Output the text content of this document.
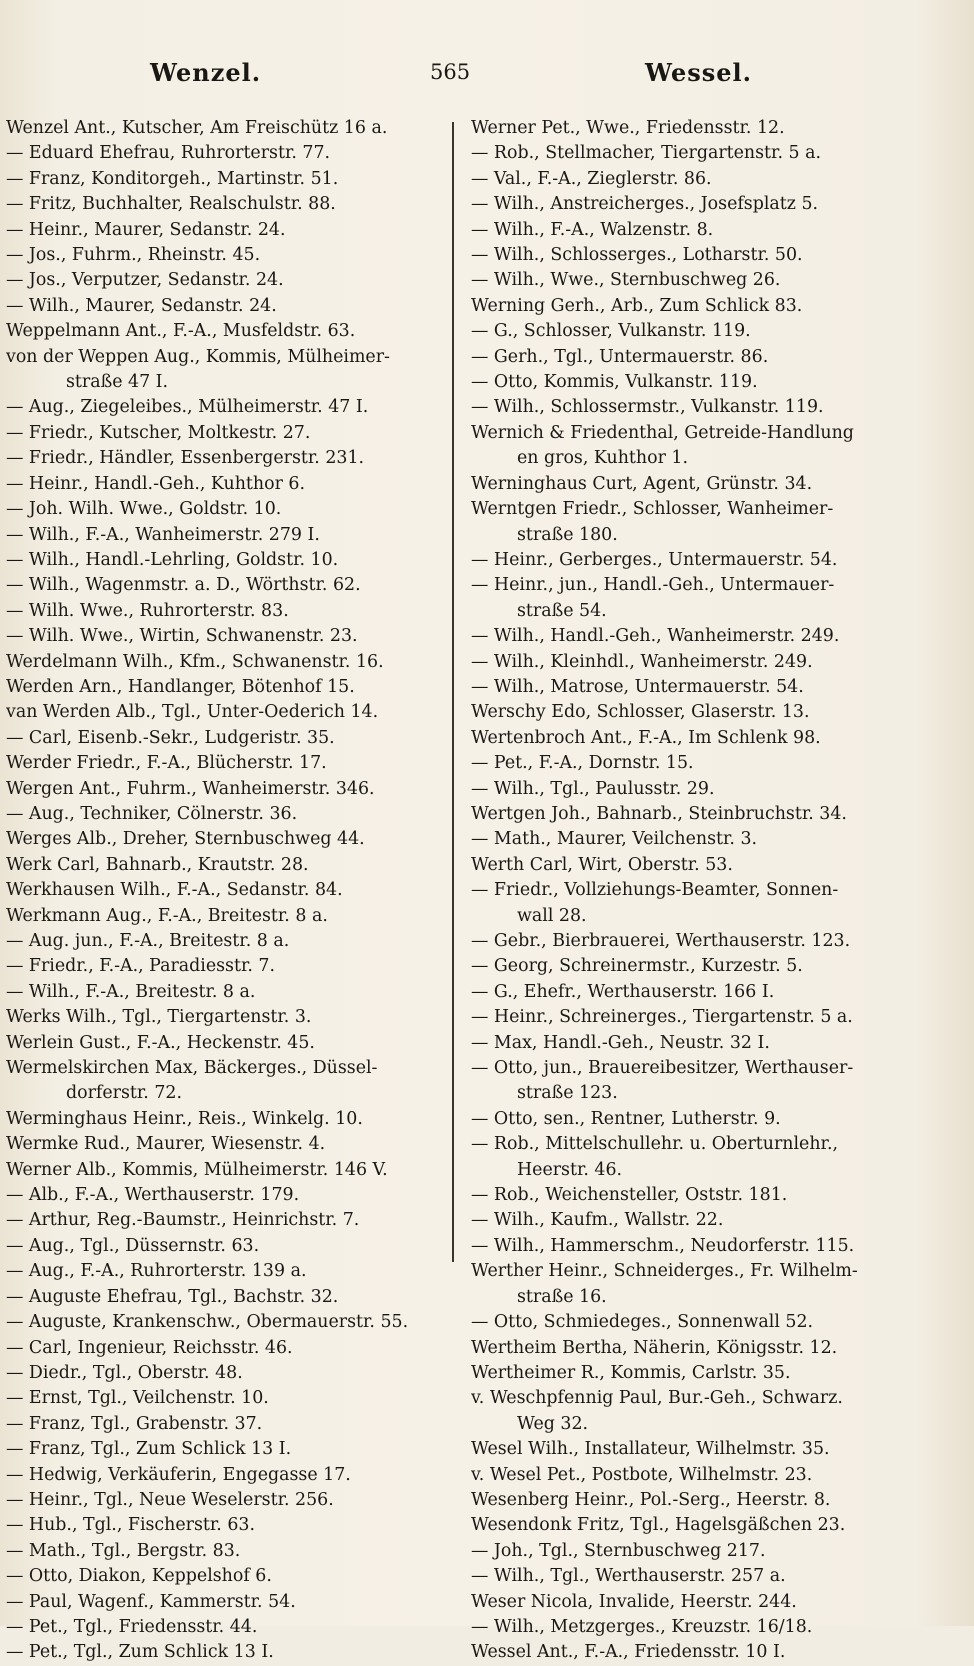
Wenzel.	565	Wessel.
Wenzel Ant., Kutscher, Am Freischütz 16 a.
— Eduard Ehefrau, Ruhrorterstr. 77.
— Franz, Konditorgeh., Martinstr. 51.
— Fritz, Buchhalter, Realschulstr. 88.
— Heinr., Maurer, Sedanstr. 24.
— Jos., Fuhrm., Rheinstr. 45.
— Jos., Verputzer, Sedanstr. 24.
— Wilh., Maurer, Sedanstr. 24.
Weppelmann Ant., F.-A., Musfeldstr. 63.
von der Weppen Aug., Kommis, Mülheimer-
straße 47 I.
— Aug., Ziegeleibes., Mülheimerstr. 47 I.
— Friedr., Kutscher, Moltkestr. 27.
— Friedr., Händler, Essenbergerstr. 231.
— Heinr., Handl.-Geh., Kuhthor 6.
— Joh. Wilh. Wwe., Goldstr. 10.
— Wilh., F.-A., Wanheimerstr. 279 I.
— Wilh., Handl.-Lehrling, Goldstr. 10.
— Wilh., Wagenmstr. a. D., Wörthstr. 62.
— Wilh. Wwe., Ruhrorterstr. 83.
— Wilh. Wwe., Wirtin, Schwanenstr. 23.
Werdelmann Wilh., Kfm., Schwanenstr. 16.
Werden Arn., Handlanger, Bötenhof 15.
van Werden Alb., Tgl., Unter-Oederich 14.
— Carl, Eisenb.-Sekr., Ludgeristr. 35.
Werder Friedr., F.-A., Blücherstr. 17.
Wergen Ant., Fuhrm., Wanheimerstr. 346.
— Aug., Techniker, Cölnerstr. 36.
Werges Alb., Dreher, Sternbuschweg 44.
Werk Carl, Bahnarb., Krautstr. 28.
Werkhausen Wilh., F.-A., Sedanstr. 84.
Werkmann Aug., F.-A., Breitestr. 8 a.
— Aug. jun., F.-A., Breitestr. 8 a.
— Friedr., F.-A., Paradiesstr. 7.
— Wilh., F.-A., Breitestr. 8 a.
Werks Wilh., Tgl., Tiergartenstr. 3.
Werlein Gust., F.-A., Heckenstr. 45.
Wermelskirchen Max, Bäckerges., Düssel-
dorferstr. 72.
Werminghaus Heinr., Reis., Winkelg. 10.
Wermke Rud., Maurer, Wiesenstr. 4.
Werner Alb., Kommis, Mülheimerstr. 146 V.
— Alb., F.-A., Werthauserstr. 179.
— Arthur, Reg.-Baumstr., Heinrichstr. 7.
— Aug., Tgl., Düssernstr. 63.
— Aug., F.-A., Ruhrorterstr. 139 a.
— Auguste Ehefrau, Tgl., Bachstr. 32.
— Auguste, Krankenschw., Obermauerstr. 55.
— Carl, Ingenieur, Reichsstr. 46.
— Diedr., Tgl., Oberstr. 48.
— Ernst, Tgl., Veilchenstr. 10.
— Franz, Tgl., Grabenstr. 37.
— Franz, Tgl., Zum Schlick 13 I.
— Hedwig, Verkäuferin, Engegasse 17.
— Heinr., Tgl., Neue Weselerstr. 256.
— Hub., Tgl., Fischerstr. 63.
— Math., Tgl., Bergstr. 83.
— Otto, Diakon, Keppelshof 6.
— Paul, Wagenf., Kammerstr. 54.
— Pet., Tgl., Friedensstr. 44.
— Pet., Tgl., Zum Schlick 13 I.
Werner Pet., Wwe., Friedensstr. 12.
— Rob., Stellmacher, Tiergartenstr. 5 a.
— Val., F.-A., Zieglerstr. 86.
— Wilh., Anstreicherges., Josefsplatz 5.
— Wilh., F.-A., Walzenstr. 8.
— Wilh., Schlosserges., Lotharstr. 50.
— Wilh., Wwe., Sternbuschweg 26.
Werning Gerh., Arb., Zum Schlick 83.
— G., Schlosser, Vulkanstr. 119.
— Gerh., Tgl., Untermauerstr. 86.
— Otto, Kommis, Vulkanstr. 119.
— Wilh., Schlossermstr., Vulkanstr. 119.
Wernich & Friedenthal, Getreide-Handlung
en gros, Kuhthor 1.
Werninghaus Curt, Agent, Grünstr. 34.
Werntgen Friedr., Schlosser, Wanheimer-
straße 180.
— Heinr., Gerberges., Untermauerstr. 54.
— Heinr., jun., Handl.-Geh., Untermauer-
straße 54.
— Wilh., Handl.-Geh., Wanheimerstr. 249.
— Wilh., Kleinhdl., Wanheimerstr. 249.
— Wilh., Matrose, Untermauerstr. 54.
Werschy Edo, Schlosser, Glaserstr. 13.
Wertenbroch Ant., F.-A., Im Schlenk 98.
— Pet., F.-A., Dornstr. 15.
— Wilh., Tgl., Paulusstr. 29.
Wertgen Joh., Bahnarb., Steinbruchstr. 34.
— Math., Maurer, Veilchenstr. 3.
Werth Carl, Wirt, Oberstr. 53.
— Friedr., Vollziehungs-Beamter, Sonnen-
wall 28.
— Gebr., Bierbrauerei, Werthauserstr. 123.
— Georg, Schreinermstr., Kurzestr. 5.
— G., Ehefr., Werthauserstr. 166 I.
— Heinr., Schreinerges., Tiergartenstr. 5 a.
— Max, Handl.-Geh., Neustr. 32 I.
— Otto, jun., Brauereibesitzer, Werthauser-
straße 123.
— Otto, sen., Rentner, Lutherstr. 9.
— Rob., Mittelschullehr. u. Oberturnlehr.,
Heerstr. 46.
— Rob., Weichensteller, Oststr. 181.
— Wilh., Kaufm., Wallstr. 22.
— Wilh., Hammerschm., Neudorferstr. 115.
Werther Heinr., Schneiderges., Fr. Wilhelm-
straße 16.
— Otto, Schmiedeges., Sonnenwall 52.
Wertheim Bertha, Näherin, Königsstr. 12.
Wertheimer R., Kommis, Carlstr. 35.
v. Weschpfennig Paul, Bur.-Geh., Schwarz.
Weg 32.
Wesel Wilh., Installateur, Wilhelmstr. 35.
v. Wesel Pet., Postbote, Wilhelmstr. 23.
Wesenberg Heinr., Pol.-Serg., Heerstr. 8.
Wesendonk Fritz, Tgl., Hagelsgäßchen 23.
— Joh., Tgl., Sternbuschweg 217.
— Wilh., Tgl., Werthauserstr. 257 a.
Weser Nicola, Invalide, Heerstr. 244.
— Wilh., Metzgerges., Kreuzstr. 16/18.
Wessel Ant., F.-A., Friedensstr. 10 I.
